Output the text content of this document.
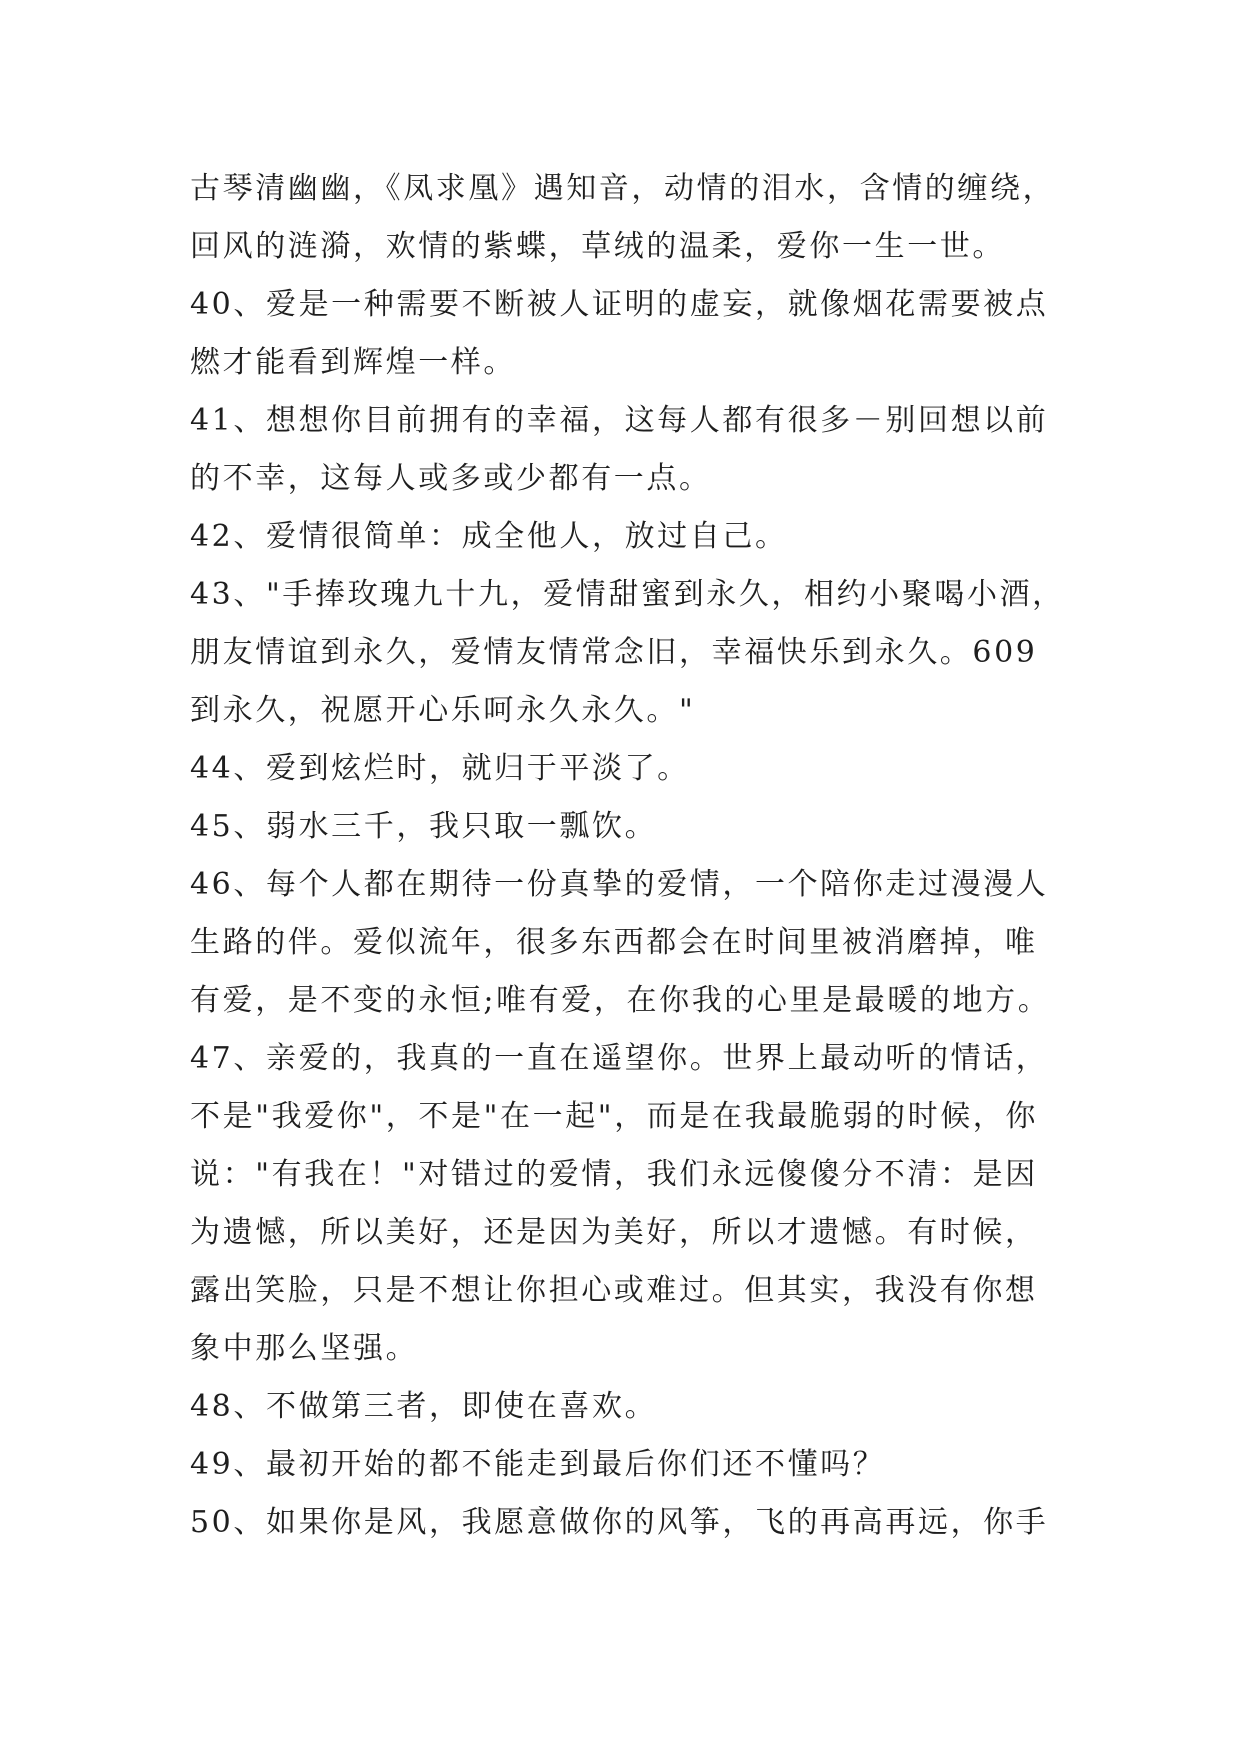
古琴清幽幽，《凤求凰》遇知音，动情的泪水，含情的缠绕，
回风的涟漪，欢情的紫蝶，草绒的温柔，爱你一生一世。
40、爱是一种需要不断被人证明的虚妄，就像烟花需要被点
燃才能看到辉煌一样。
41、想想你目前拥有的幸福，这每人都有很多－别回想以前
的不幸，这每人或多或少都有一点。
42、爱情很简单：成全他人，放过自己。
43、"手捧玫瑰九十九，爱情甜蜜到永久，相约小聚喝小酒，
朋友情谊到永久，爱情友情常念旧，幸福快乐到永久。609
到永久，祝愿开心乐呵永久永久。"
44、爱到炫烂时，就归于平淡了。
45、弱水三千，我只取一瓢饮。
46、每个人都在期待一份真挚的爱情，一个陪你走过漫漫人
生路的伴。爱似流年，很多东西都会在时间里被消磨掉，唯
有爱，是不变的永恒;唯有爱，在你我的心里是最暖的地方。
47、亲爱的，我真的一直在遥望你。世界上最动听的情话，
不是"我爱你"，不是"在一起"，而是在我最脆弱的时候，你
说："有我在！"对错过的爱情，我们永远傻傻分不清：是因
为遗憾，所以美好，还是因为美好，所以才遗憾。有时候，
露出笑脸，只是不想让你担心或难过。但其实，我没有你想
象中那么坚强。
48、不做第三者，即使在喜欢。
49、最初开始的都不能走到最后你们还不懂吗？
50、如果你是风，我愿意做你的风筝，飞的再高再远，你手
